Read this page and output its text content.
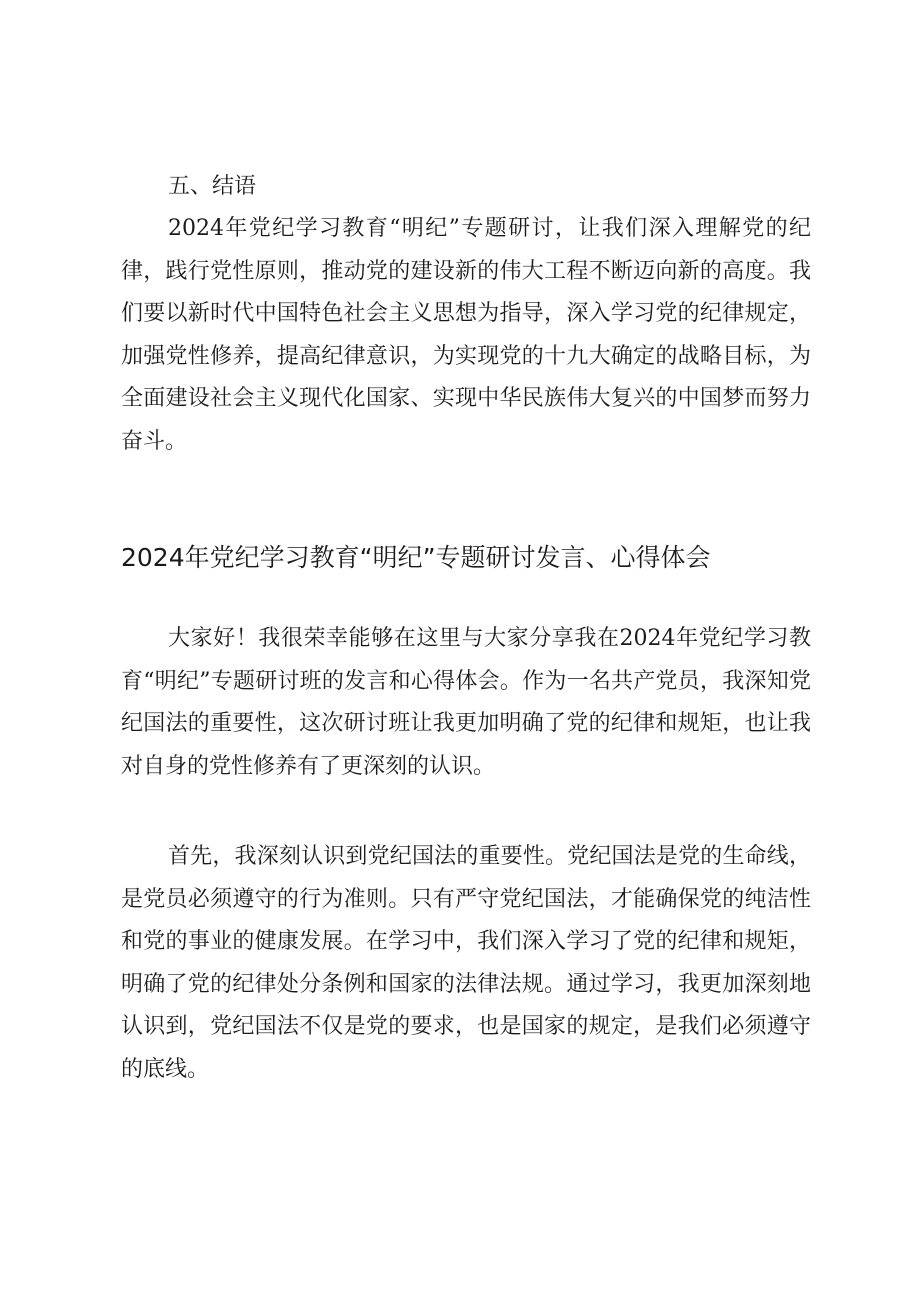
五、结语

2024年党纪学习教育“明纪”专题研讨，让我们深入理解党的纪律，践行党性原则，推动党的建设新的伟大工程不断迈向新的高度。我们要以新时代中国特色社会主义思想为指导，深入学习党的纪律规定，加强党性修养，提高纪律意识，为实现党的十九大确定的战略目标，为全面建设社会主义现代化国家、实现中华民族伟大复兴的中国梦而努力奋斗。

2024年党纪学习教育“明纪”专题研讨发言、心得体会

大家好！我很荣幸能够在这里与大家分享我在2024年党纪学习教育“明纪”专题研讨班的发言和心得体会。作为一名共产党员，我深知党纪国法的重要性，这次研讨班让我更加明确了党的纪律和规矩，也让我对自身的党性修养有了更深刻的认识。

首先，我深刻认识到党纪国法的重要性。党纪国法是党的生命线，是党员必须遵守的行为准则。只有严守党纪国法，才能确保党的纯洁性和党的事业的健康发展。在学习中，我们深入学习了党的纪律和规矩，明确了党的纪律处分条例和国家的法律法规。通过学习，我更加深刻地认识到，党纪国法不仅是党的要求，也是国家的规定，是我们必须遵守的底线。
